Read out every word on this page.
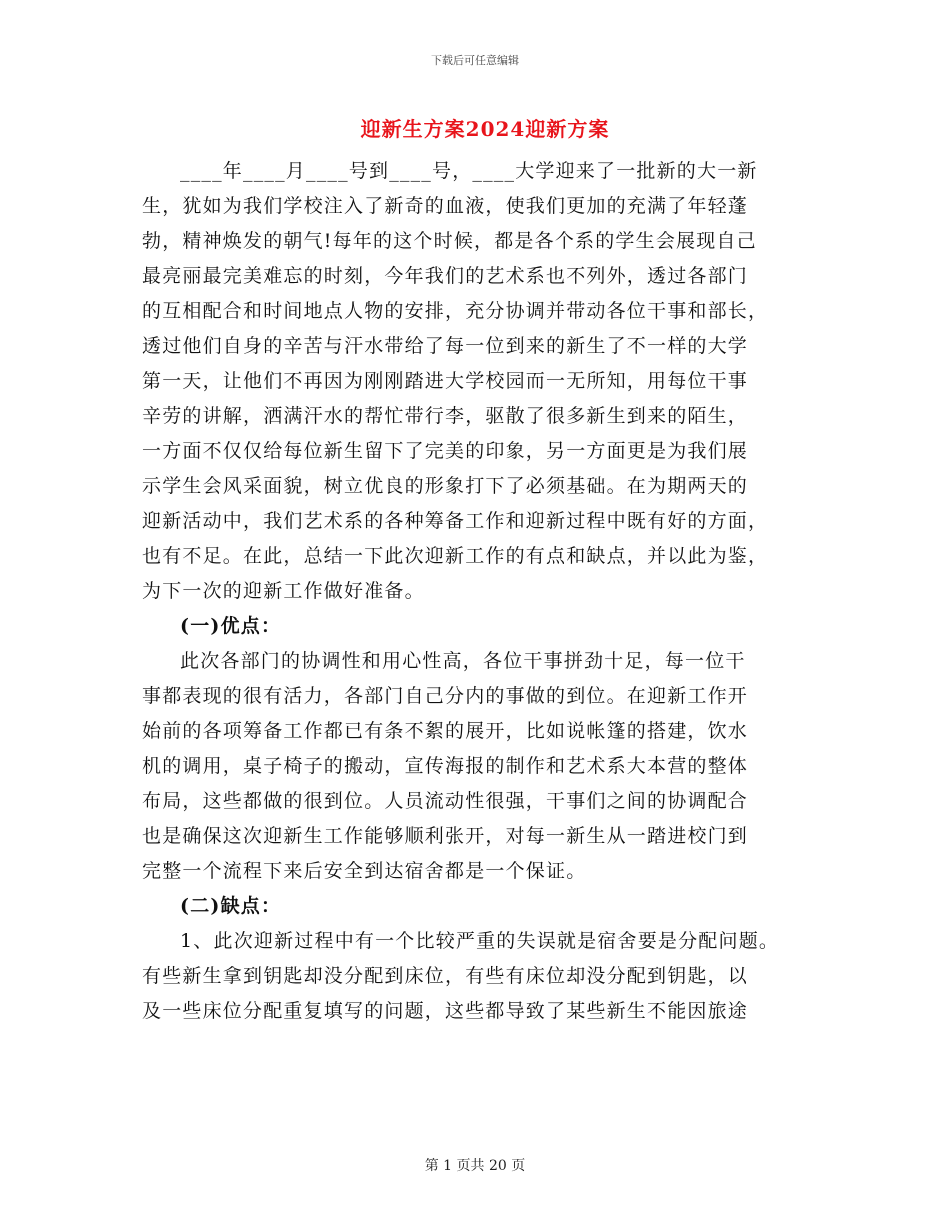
下载后可任意编辑
迎新生方案2024迎新方案
____年____月____号到____号，____大学迎来了一批新的大一新
生，犹如为我们学校注入了新奇的血液，使我们更加的充满了年轻蓬
勃，精神焕发的朝气!每年的这个时候，都是各个系的学生会展现自己
最亮丽最完美难忘的时刻，今年我们的艺术系也不列外，透过各部门
的互相配合和时间地点人物的安排，充分协调并带动各位干事和部长，
透过他们自身的辛苦与汗水带给了每一位到来的新生了不一样的大学
第一天，让他们不再因为刚刚踏进大学校园而一无所知，用每位干事
辛劳的讲解，洒满汗水的帮忙带行李，驱散了很多新生到来的陌生，
一方面不仅仅给每位新生留下了完美的印象，另一方面更是为我们展
示学生会风采面貌，树立优良的形象打下了必须基础。在为期两天的
迎新活动中，我们艺术系的各种筹备工作和迎新过程中既有好的方面，
也有不足。在此，总结一下此次迎新工作的有点和缺点，并以此为鉴，
为下一次的迎新工作做好准备。
(一)优点：
此次各部门的协调性和用心性高，各位干事拼劲十足，每一位干
事都表现的很有活力，各部门自己分内的事做的到位。在迎新工作开
始前的各项筹备工作都已有条不絮的展开，比如说帐篷的搭建，饮水
机的调用，桌子椅子的搬动，宣传海报的制作和艺术系大本营的整体
布局，这些都做的很到位。人员流动性很强，干事们之间的协调配合
也是确保这次迎新生工作能够顺利张开，对每一新生从一踏进校门到
完整一个流程下来后安全到达宿舍都是一个保证。
(二)缺点：
1、此次迎新过程中有一个比较严重的失误就是宿舍要是分配问题。
有些新生拿到钥匙却没分配到床位，有些有床位却没分配到钥匙，以
及一些床位分配重复填写的问题，这些都导致了某些新生不能因旅途
第 1 页共 20 页
